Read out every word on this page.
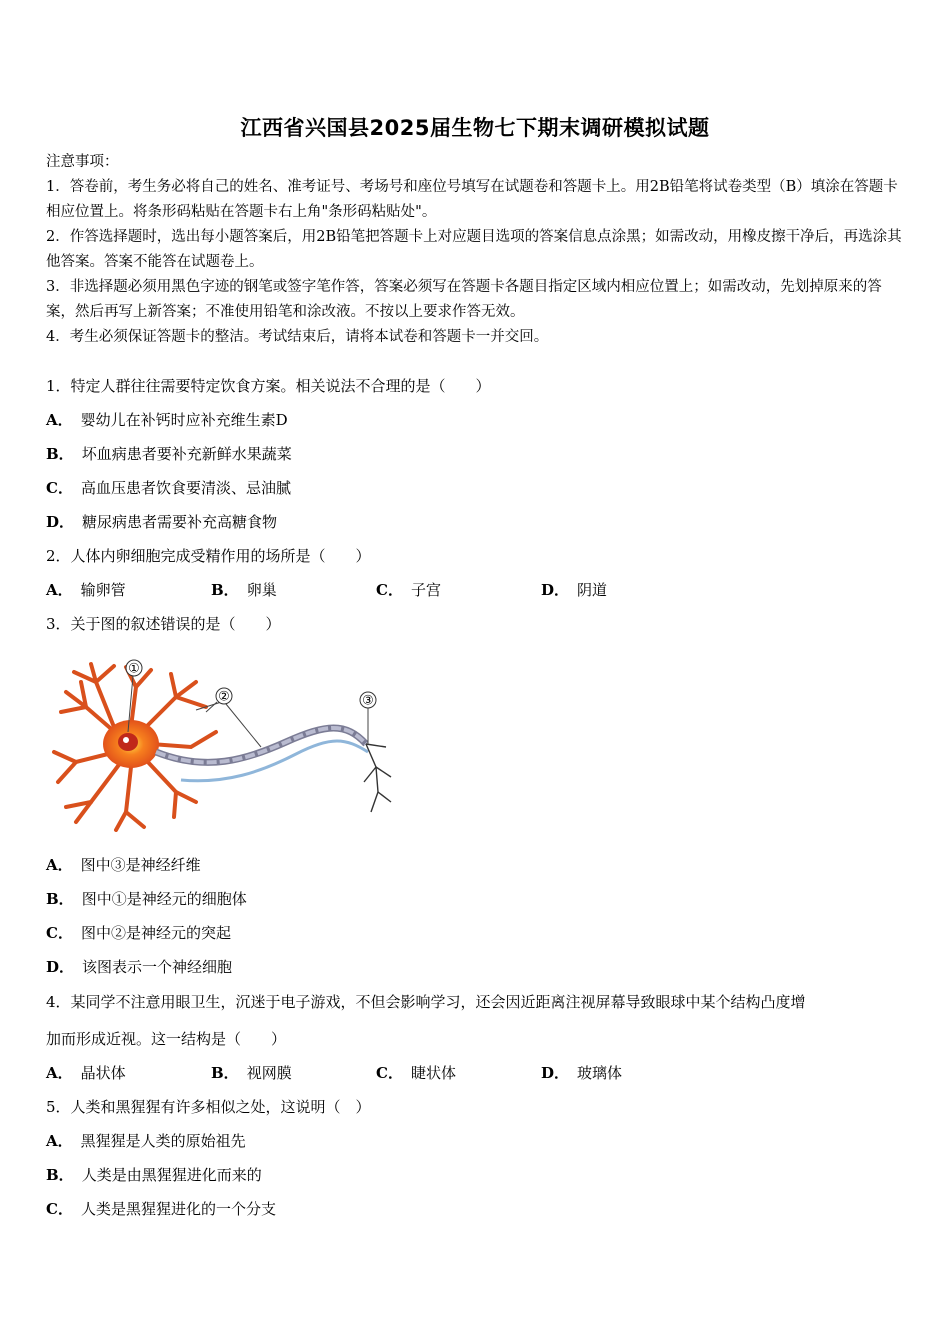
江西省兴国县2025届生物七下期末调研模拟试题

注意事项：

1．答卷前，考生务必将自己的姓名、准考证号、考场号和座位号填写在试题卷和答题卡上。用2B铅笔将试卷类型（B）填涂在答题卡相应位置上。将条形码粘贴在答题卡右上角"条形码粘贴处"。

2．作答选择题时，选出每小题答案后，用2B铅笔把答题卡上对应题目选项的答案信息点涂黑；如需改动，用橡皮擦干净后，再选涂其他答案。答案不能答在试题卷上。

3．非选择题必须用黑色字迹的钢笔或签字笔作答，答案必须写在答题卡各题目指定区域内相应位置上；如需改动，先划掉原来的答案，然后再写上新答案；不准使用铅笔和涂改液。不按以上要求作答无效。

4．考生必须保证答题卡的整洁。考试结束后，请将本试卷和答题卡一并交回。

1．特定人群往往需要特定饮食方案。相关说法不合理的是（　　）
A． 婴幼儿在补钙时应补充维生素D
B． 坏血病患者要补充新鲜水果蔬菜
C． 高血压患者饮食要清淡、忌油腻
D． 糖尿病患者需要补充高糖食物
2．人体内卵细胞完成受精作用的场所是（　　）
A． 输卵管	B． 卵巢	C． 子宫	D． 阴道
3．关于图的叙述错误的是（　　）
①
②	③
A． 图中③是神经纤维
B． 图中①是神经元的细胞体
C． 图中②是神经元的突起
D． 该图表示一个神经细胞
4．某同学不注意用眼卫生，沉迷于电子游戏，不但会影响学习，还会因近距离注视屏幕导致眼球中某个结构凸度增
加而形成近视。这一结构是（　　）
A． 晶状体	B． 视网膜	C． 睫状体	D． 玻璃体
5．人类和黑猩猩有许多相似之处，这说明（　）
A． 黑猩猩是人类的原始祖先
B． 人类是由黑猩猩进化而来的
C． 人类是黑猩猩进化的一个分支
